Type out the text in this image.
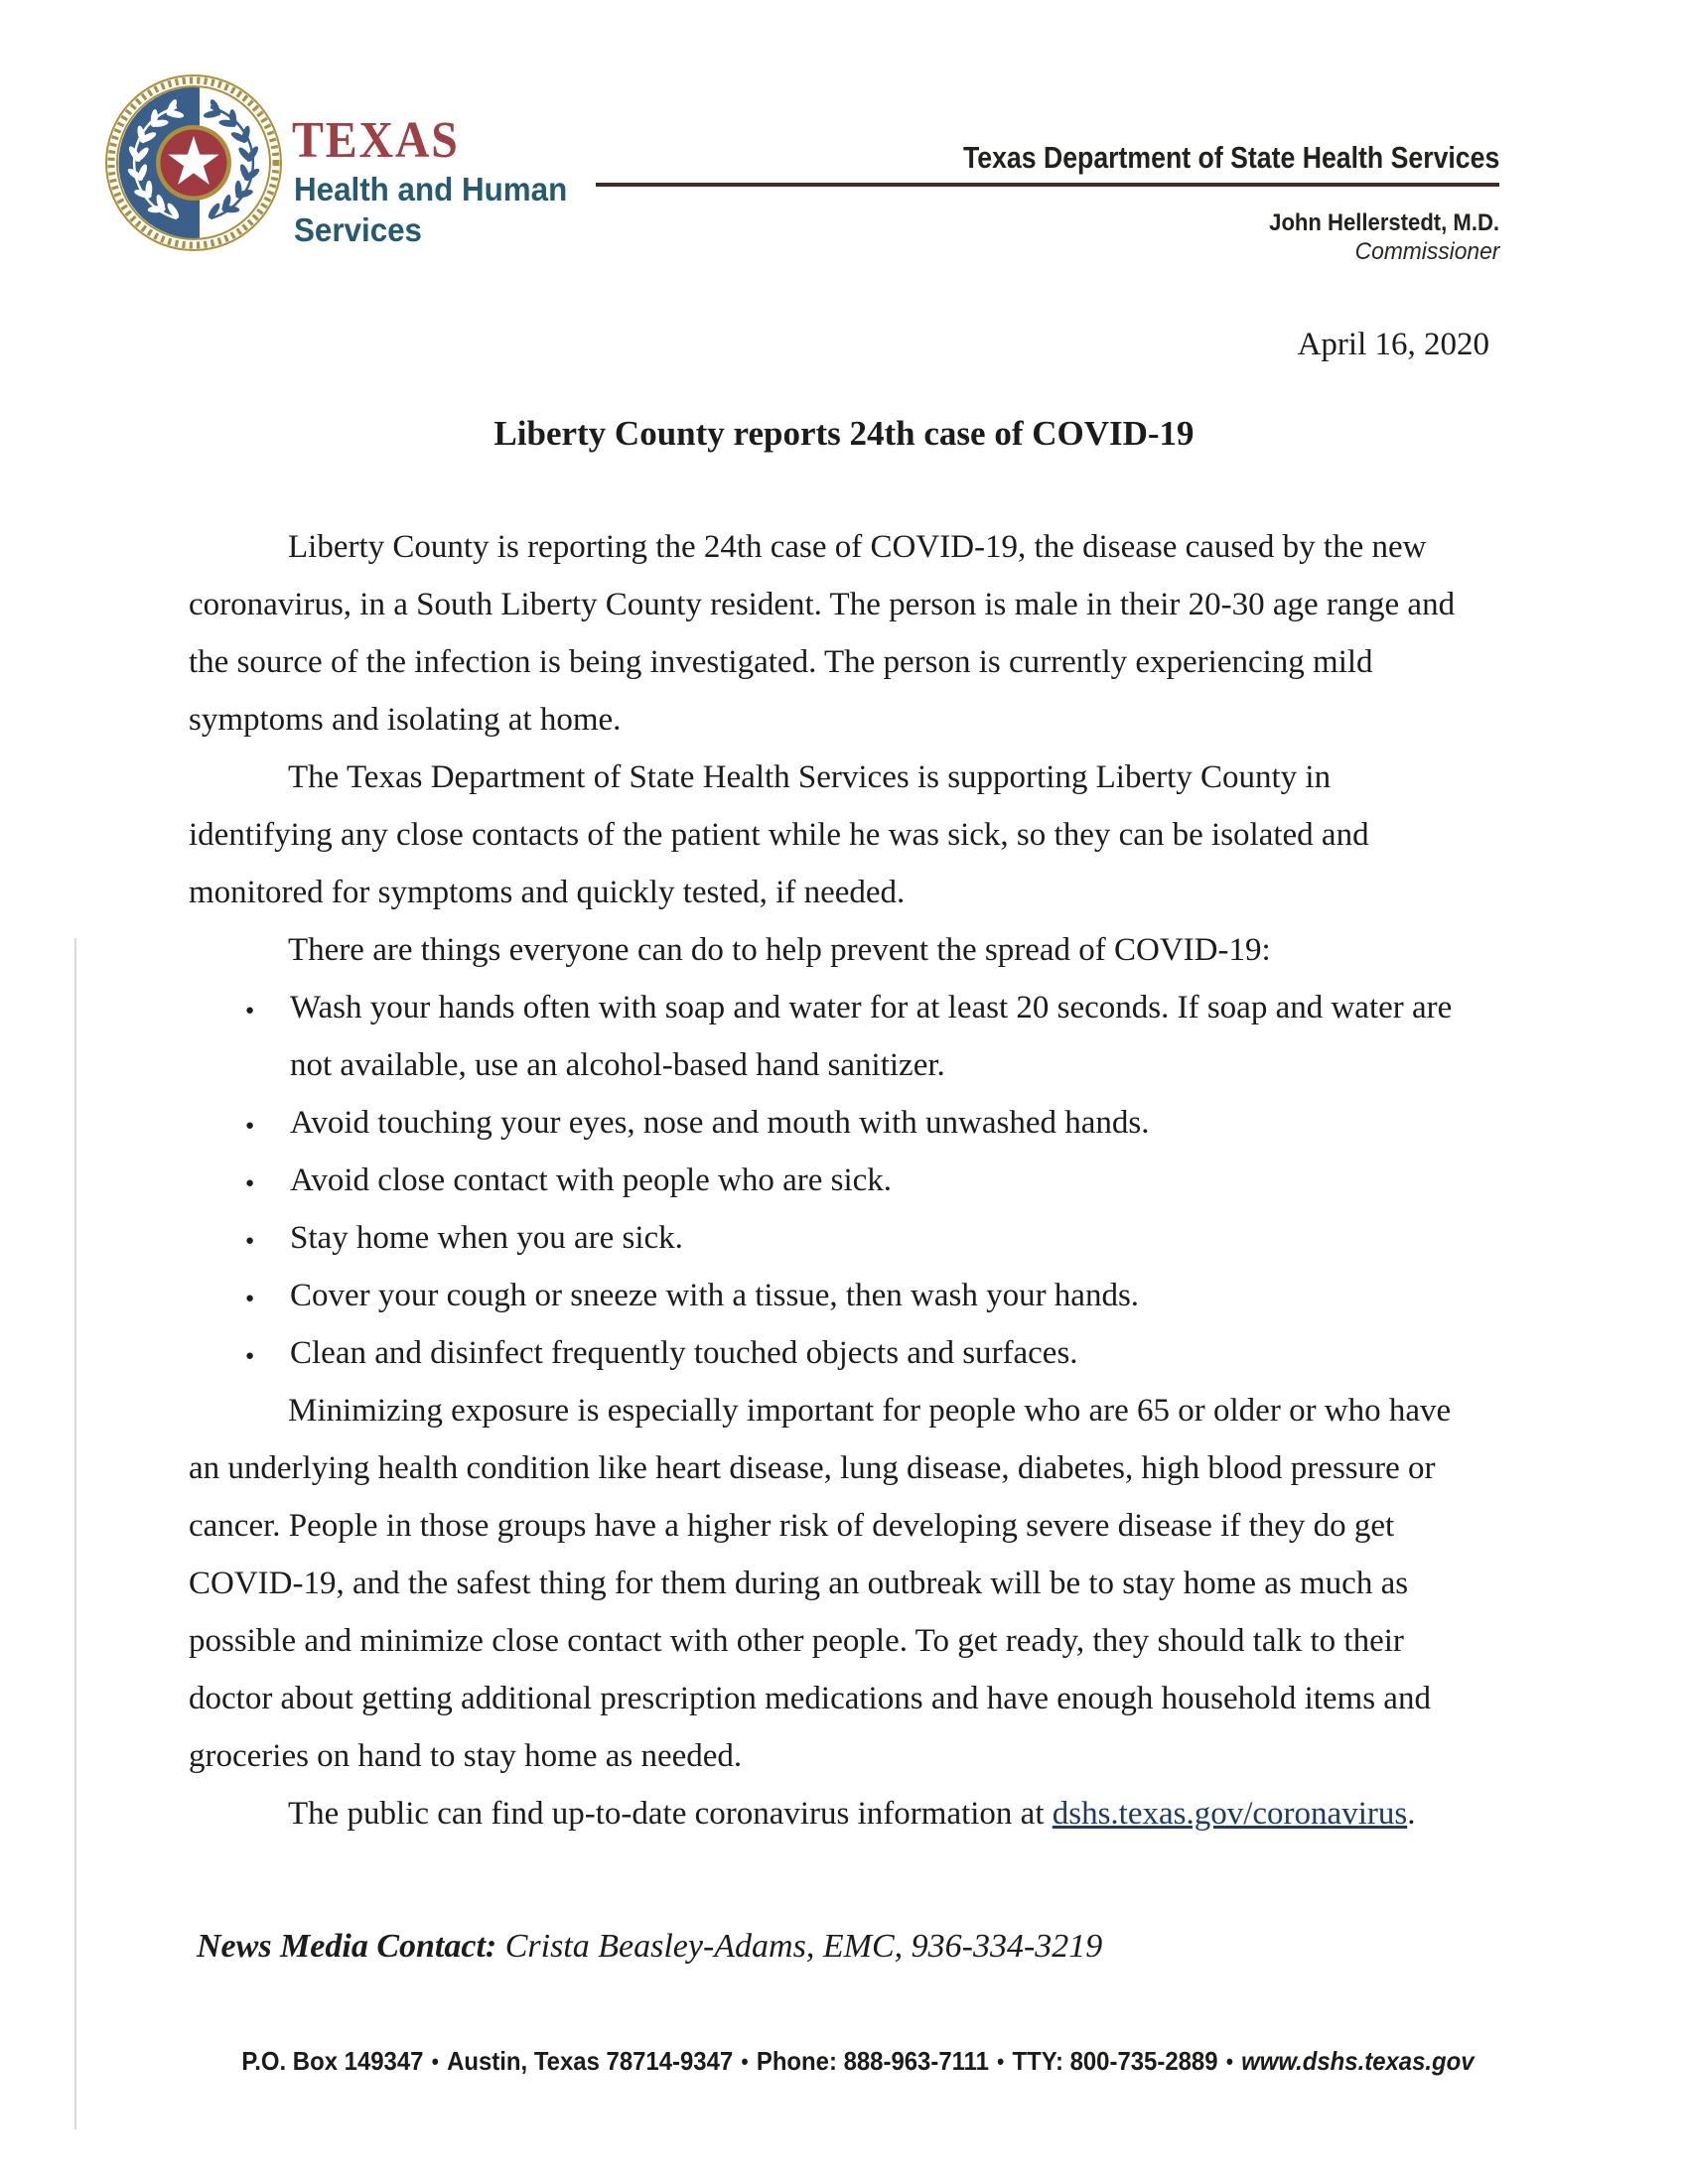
TEXAS
Health and Human
Services
Texas Department of State Health Services
John Hellerstedt, M.D.
Commissioner
April 16, 2020
Liberty County reports 24th case of COVID-19

Liberty County is reporting the 24th case of COVID-19, the disease caused by the new coronavirus, in a South Liberty County resident. The person is male in their 20-30 age range and the source of the infection is being investigated. The person is currently experiencing mild symptoms and isolating at home.

The Texas Department of State Health Services is supporting Liberty County in identifying any close contacts of the patient while he was sick, so they can be isolated and monitored for symptoms and quickly tested, if needed.

There are things everyone can do to help prevent the spread of COVID-19:

● Wash your hands often with soap and water for at least 20 seconds. If soap and water are not available, use an alcohol-based hand sanitizer.
● Avoid touching your eyes, nose and mouth with unwashed hands.
● Avoid close contact with people who are sick.
● Stay home when you are sick.
● Cover your cough or sneeze with a tissue, then wash your hands.
● Clean and disinfect frequently touched objects and surfaces.

Minimizing exposure is especially important for people who are 65 or older or who have an underlying health condition like heart disease, lung disease, diabetes, high blood pressure or cancer. People in those groups have a higher risk of developing severe disease if they do get COVID-19, and the safest thing for them during an outbreak will be to stay home as much as possible and minimize close contact with other people. To get ready, they should talk to their doctor about getting additional prescription medications and have enough household items and groceries on hand to stay home as needed.

The public can find up-to-date coronavirus information at dshs.texas.gov/coronavirus.

News Media Contact: Crista Beasley-Adams, EMC, 936-334-3219
P.O. Box 149347 • Austin, Texas 78714-9347 • Phone: 888-963-7111 • TTY: 800-735-2889 • www.dshs.texas.gov
